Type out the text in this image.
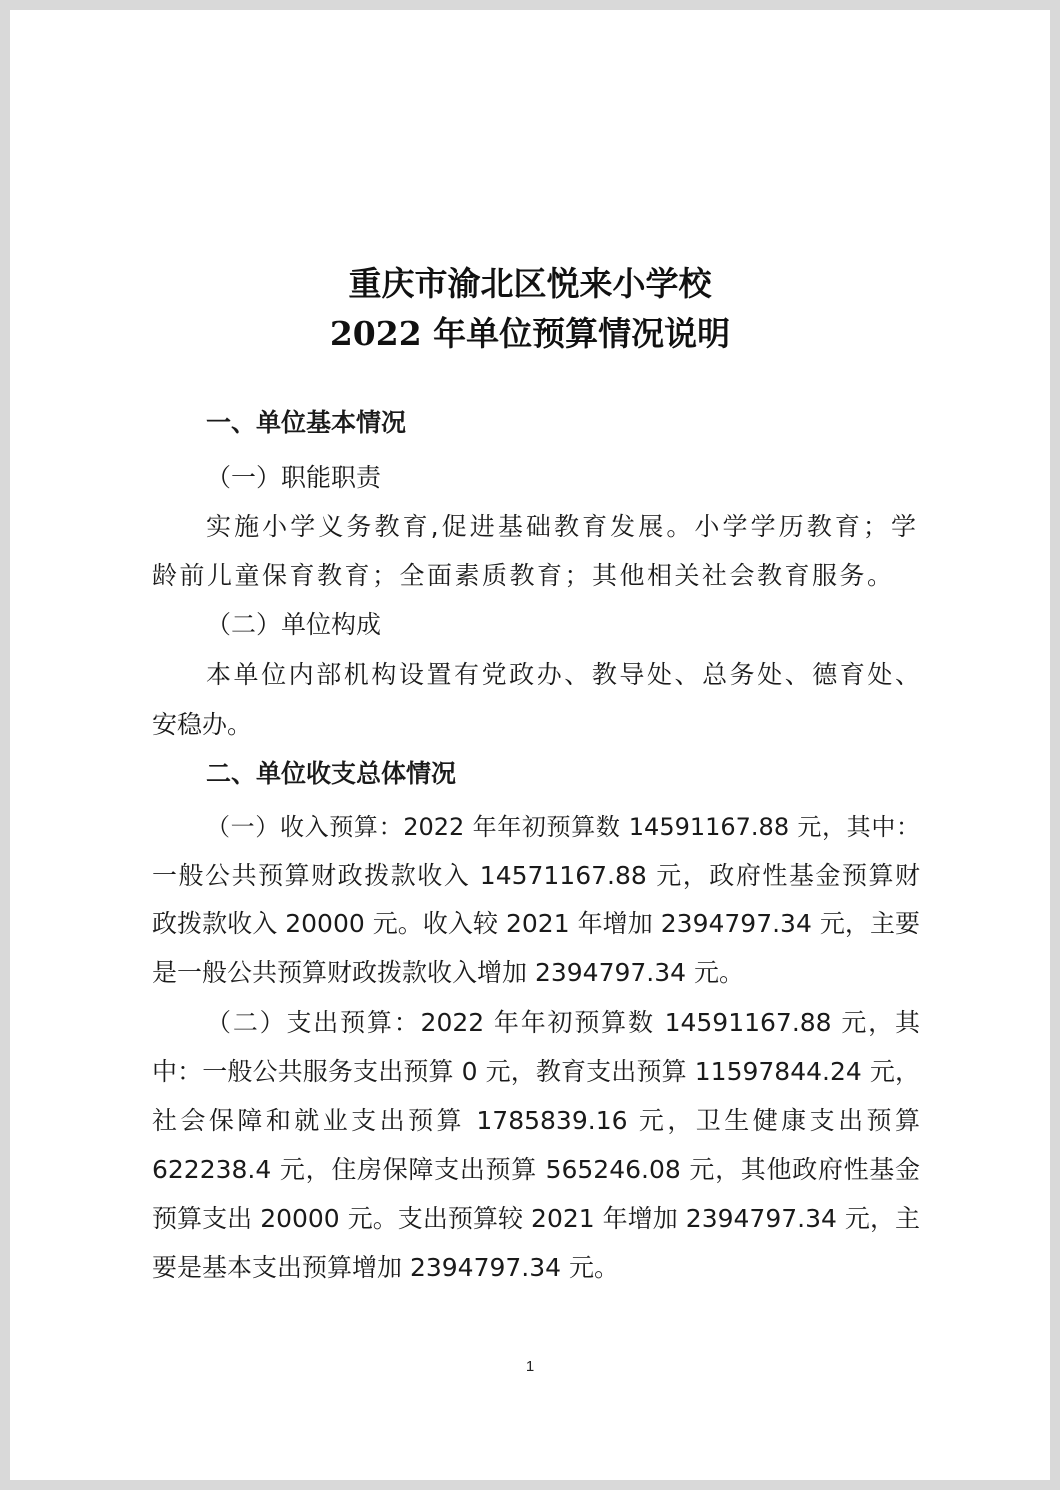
重庆市渝北区悦来小学校
2022 年单位预算情况说明
一、单位基本情况
（一）职能职责
实施小学义务教育,促进基础教育发展。小学学历教育；学
龄前儿童保育教育；全面素质教育；其他相关社会教育服务。
（二）单位构成
本单位内部机构设置有党政办、教导处、总务处、德育处、
安稳办。
二、单位收支总体情况
（一）收入预算：2022 年年初预算数 14591167.88 元，其中：
一般公共预算财政拨款收入 14571167.88 元，政府性基金预算财
政拨款收入 20000 元。收入较 2021 年增加 2394797.34 元，主要
是一般公共预算财政拨款收入增加 2394797.34 元。
（二）支出预算：2022 年年初预算数 14591167.88 元，其
中：一般公共服务支出预算 0 元，教育支出预算 11597844.24 元，
社会保障和就业支出预算 1785839.16 元，卫生健康支出预算
622238.4 元，住房保障支出预算 565246.08 元，其他政府性基金
预算支出 20000 元。支出预算较 2021 年增加 2394797.34 元，主
要是基本支出预算增加 2394797.34 元。
1
